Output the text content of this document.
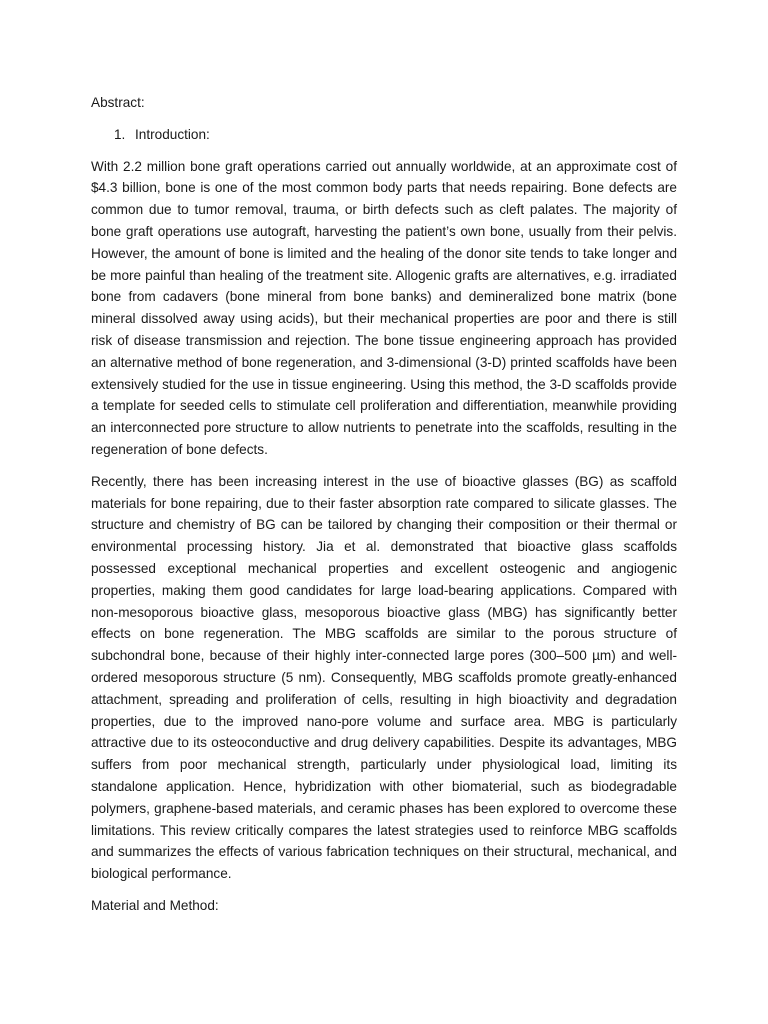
Abstract:

1. Introduction:

With 2.2 million bone graft operations carried out annually worldwide, at an approximate cost of $4.3 billion, bone is one of the most common body parts that needs repairing. Bone defects are common due to tumor removal, trauma, or birth defects such as cleft palates. The majority of bone graft operations use autograft, harvesting the patient’s own bone, usually from their pelvis. However, the amount of bone is limited and the healing of the donor site tends to take longer and be more painful than healing of the treatment site. Allogenic grafts are alternatives, e.g. irradiated bone from cadavers (bone mineral from bone banks) and demineralized bone matrix (bone mineral dissolved away using acids), but their mechanical properties are poor and there is still risk of disease transmission and rejection. The bone tissue engineering approach has provided an alternative method of bone regeneration, and 3-dimensional (3-D) printed scaffolds have been extensively studied for the use in tissue engineering. Using this method, the 3-D scaffolds provide a template for seeded cells to stimulate cell proliferation and differentiation, meanwhile providing an interconnected pore structure to allow nutrients to penetrate into the scaffolds, resulting in the regeneration of bone defects.

Recently, there has been increasing interest in the use of bioactive glasses (BG) as scaffold materials for bone repairing, due to their faster absorption rate compared to silicate glasses. The structure and chemistry of BG can be tailored by changing their composition or their thermal or environmental processing history. Jia et al. demonstrated that bioactive glass scaffolds possessed exceptional mechanical properties and excellent osteogenic and angiogenic properties, making them good candidates for large load-bearing applications. Compared with non-mesoporous bioactive glass, mesoporous bioactive glass (MBG) has significantly better effects on bone regeneration. The MBG scaffolds are similar to the porous structure of subchondral bone, because of their highly inter-connected large pores (300–500 µm) and well-ordered mesoporous structure (5 nm). Consequently, MBG scaffolds promote greatly-enhanced attachment, spreading and proliferation of cells, resulting in high bioactivity and degradation properties, due to the improved nano-pore volume and surface area. MBG is particularly attractive due to its osteoconductive and drug delivery capabilities. Despite its advantages, MBG suffers from poor mechanical strength, particularly under physiological load, limiting its standalone application. Hence, hybridization with other biomaterial, such as biodegradable polymers, graphene-based materials, and ceramic phases has been explored to overcome these limitations. This review critically compares the latest strategies used to reinforce MBG scaffolds and summarizes the effects of various fabrication techniques on their structural, mechanical, and biological performance.

Material and Method:
